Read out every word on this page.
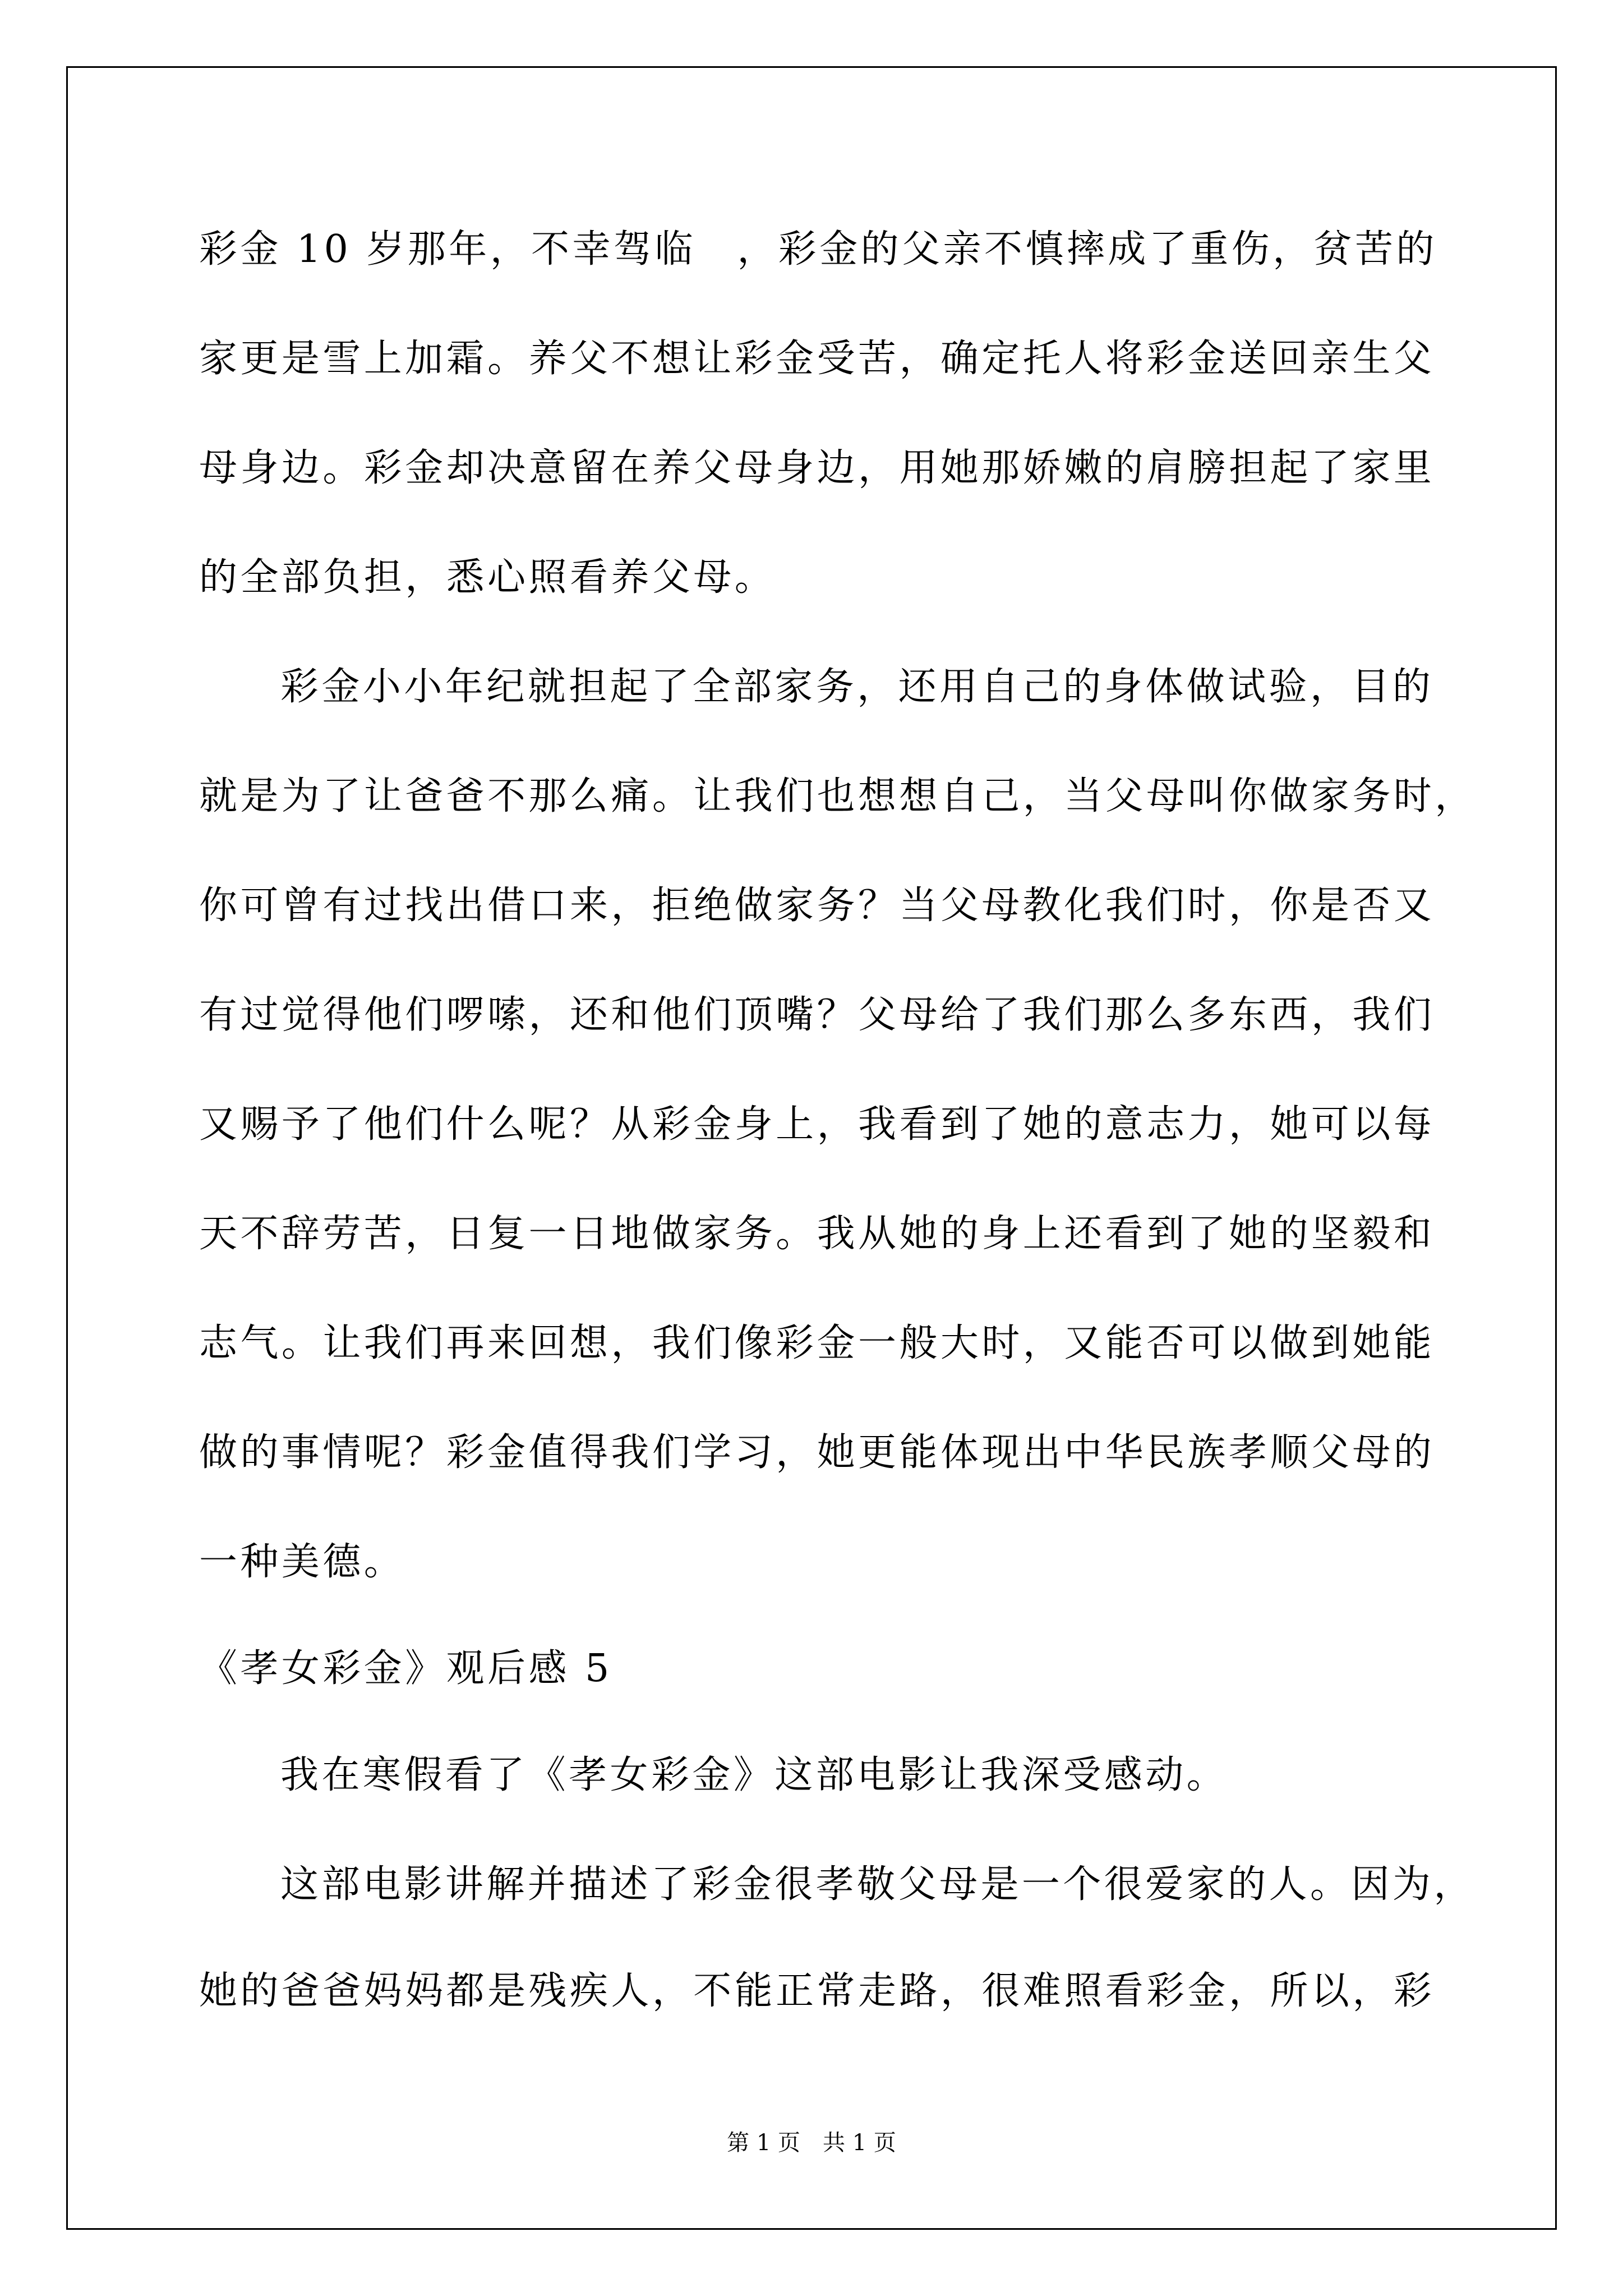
彩金 10 岁那年，不幸驾临　，彩金的父亲不慎摔成了重伤，贫苦的

家更是雪上加霜。养父不想让彩金受苦，确定托人将彩金送回亲生父

母身边。彩金却决意留在养父母身边，用她那娇嫩的肩膀担起了家里

的全部负担，悉心照看养父母。

彩金小小年纪就担起了全部家务，还用自己的身体做试验，目的

就是为了让爸爸不那么痛。让我们也想想自己，当父母叫你做家务时，

你可曾有过找出借口来，拒绝做家务？当父母教化我们时，你是否又

有过觉得他们啰嗦，还和他们顶嘴？父母给了我们那么多东西，我们

又赐予了他们什么呢？从彩金身上，我看到了她的意志力，她可以每

天不辞劳苦，日复一日地做家务。我从她的身上还看到了她的坚毅和

志气。让我们再来回想，我们像彩金一般大时，又能否可以做到她能

做的事情呢？彩金值得我们学习，她更能体现出中华民族孝顺父母的

一种美德。

《孝女彩金》观后感 5

我在寒假看了《孝女彩金》这部电影让我深受感动。

这部电影讲解并描述了彩金很孝敬父母是一个很爱家的人。因为，

她的爸爸妈妈都是残疾人，不能正常走路，很难照看彩金，所以，彩

第 1 页　共 1 页
